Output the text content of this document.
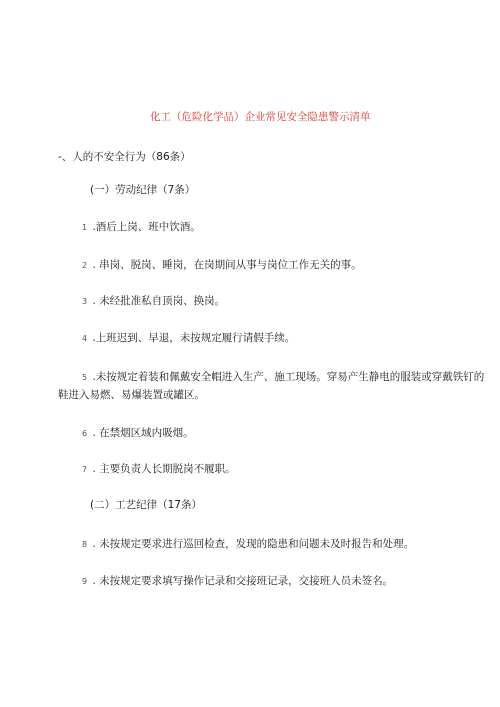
化工（危险化学品）企业常见安全隐患警示清单
-、人的不安全行为（86条）
(一）劳动纪律（7条）
1 .酒后上岗、班中饮酒。
2 . 串岗、脱岗、睡岗，在岗期间从事与岗位工作无关的事。
3 . 未经批准私自顶岗、换岗。
4 .上班迟到、早退，未按规定履行请假手续。
5 .未按规定着装和佩戴安全帽进入生产、施工现场。穿易产生静电的服装或穿戴铁钉的
鞋进入易燃、易爆装置或罐区。
6 . 在禁烟区域内吸烟。
7 . 主要负责人长期脱岗不履职。
(二）工艺纪律（17条）
8 . 未按规定要求进行巡回检查，发现的隐患和问题未及时报告和处理。
9 . 未按规定要求填写操作记录和交接班记录，交接班人员未签名。
